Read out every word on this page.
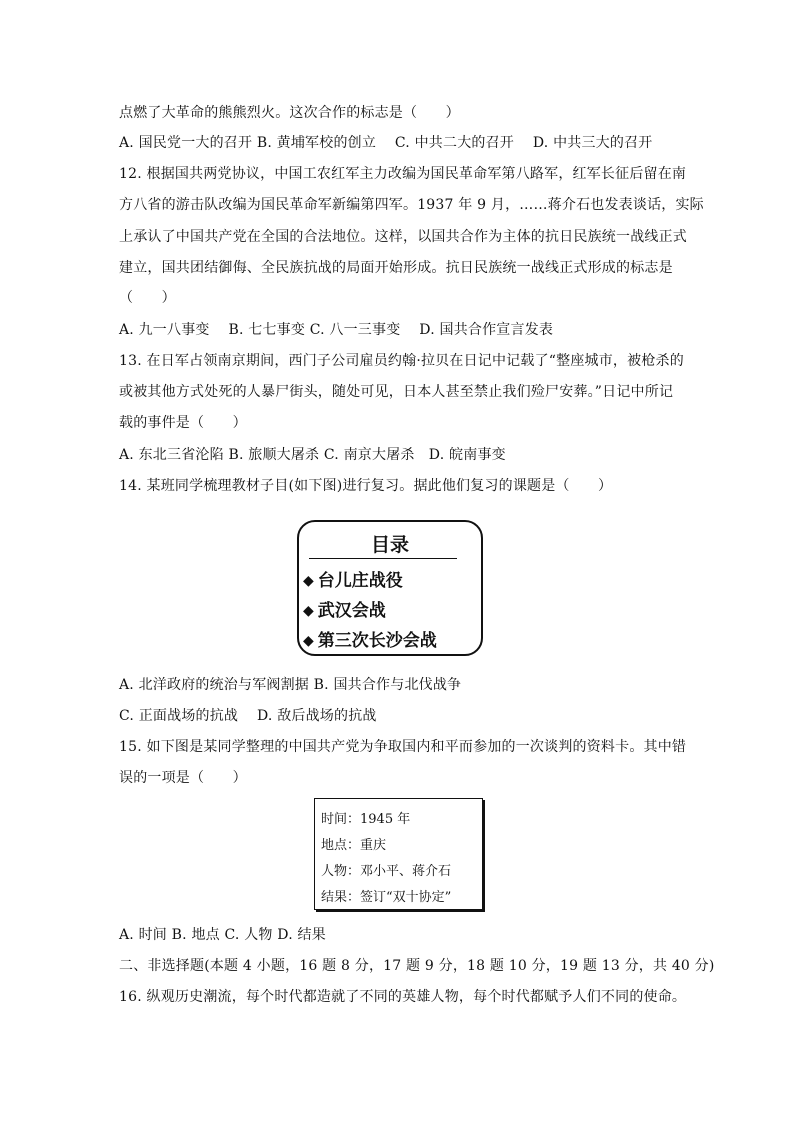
点燃了大革命的熊熊烈火。这次合作的标志是（　　）
A. 国民党一大的召开 B. 黄埔军校的创立　 C. 中共二大的召开　 D. 中共三大的召开
12. 根据国共两党协议，中国工农红军主力改编为国民革命军第八路军，红军长征后留在南
方八省的游击队改编为国民革命军新编第四军。1937 年 9 月，……蒋介石也发表谈话，实际
上承认了中国共产党在全国的合法地位。这样，以国共合作为主体的抗日民族统一战线正式
建立，国共团结御侮、全民族抗战的局面开始形成。抗日民族统一战线正式形成的标志是
（　　）
A. 九一八事变　 B. 七七事变 C. 八一三事变　 D. 国共合作宣言发表
13. 在日军占领南京期间，西门子公司雇员约翰·拉贝在日记中记载了“整座城市，被枪杀的
或被其他方式处死的人暴尸街头，随处可见，日本人甚至禁止我们殓尸安葬。”日记中所记
载的事件是（　　）
A. 东北三省沦陷 B. 旅顺大屠杀 C. 南京大屠杀　D. 皖南事变
14. 某班同学梳理教材子目(如下图)进行复习。据此他们复习的课题是（　　）
目录
◆ 台儿庄战役
◆ 武汉会战
◆ 第三次长沙会战
A. 北洋政府的统治与军阀割据 B. 国共合作与北伐战争
C. 正面战场的抗战　 D. 敌后战场的抗战
15. 如下图是某同学整理的中国共产党为争取国内和平而参加的一次谈判的资料卡。其中错
误的一项是（　　）
时间：1945 年
地点：重庆
人物：邓小平、蒋介石
结果：签订“双十协定”
A. 时间 B. 地点 C. 人物 D. 结果
二、非选择题(本题 4 小题，16 题 8 分，17 题 9 分，18 题 10 分，19 题 13 分，共 40 分)
16. 纵观历史潮流，每个时代都造就了不同的英雄人物，每个时代都赋予人们不同的使命。
